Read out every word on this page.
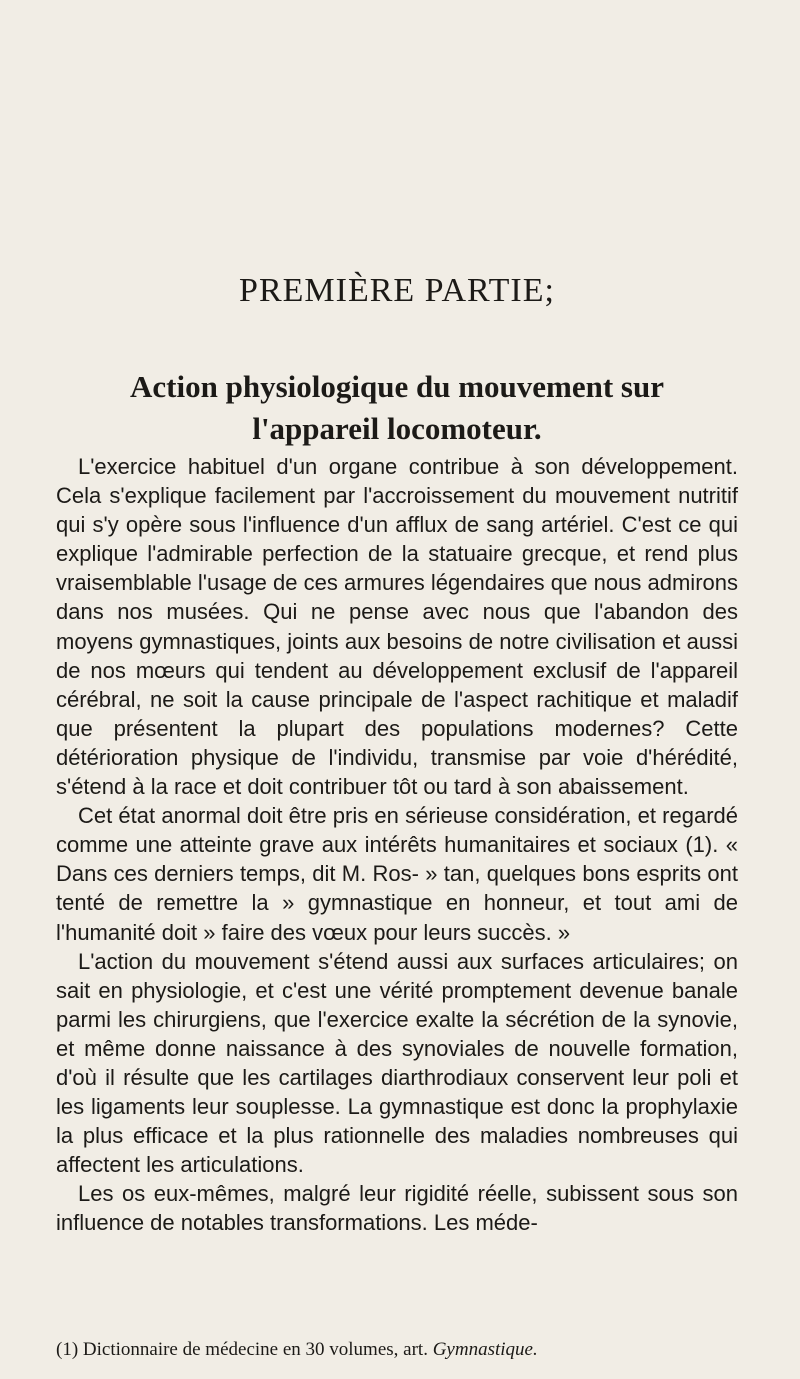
PREMIÈRE PARTIE;
Action physiologique du mouvement sur
l'appareil locomoteur.

L'exercice habituel d'un organe contribue à son développement. Cela s'explique facilement par l'accroissement du mouvement nutritif qui s'y opère sous l'influence d'un afflux de sang artériel. C'est ce qui explique l'admirable perfection de la statuaire grecque, et rend plus vraisemblable l'usage de ces armures légendaires que nous admirons dans nos musées. Qui ne pense avec nous que l'abandon des moyens gymnastiques, joints aux besoins de notre civilisation et aussi de nos mœurs qui tendent au développement exclusif de l'appareil cérébral, ne soit la cause principale de l'aspect rachitique et maladif que présentent la plupart des populations modernes? Cette détérioration physique de l'individu, transmise par voie d'hérédité, s'étend à la race et doit contribuer tôt ou tard à son abaissement.

Cet état anormal doit être pris en sérieuse considération, et regardé comme une atteinte grave aux intérêts humanitaires et sociaux (1). « Dans ces derniers temps, dit M. Ros- » tan, quelques bons esprits ont tenté de remettre la » gymnastique en honneur, et tout ami de l'humanité doit » faire des vœux pour leurs succès. »

L'action du mouvement s'étend aussi aux surfaces articulaires; on sait en physiologie, et c'est une vérité promptement devenue banale parmi les chirurgiens, que l'exercice exalte la sécrétion de la synovie, et même donne naissance à des synoviales de nouvelle formation, d'où il résulte que les cartilages diarthrodiaux conservent leur poli et les ligaments leur souplesse. La gymnastique est donc la prophylaxie la plus efficace et la plus rationnelle des maladies nombreuses qui affectent les articulations.

Les os eux-mêmes, malgré leur rigidité réelle, subissent sous son influence de notables transformations. Les méde-

(1) Dictionnaire de médecine en 30 volumes, art. Gymnastique.
